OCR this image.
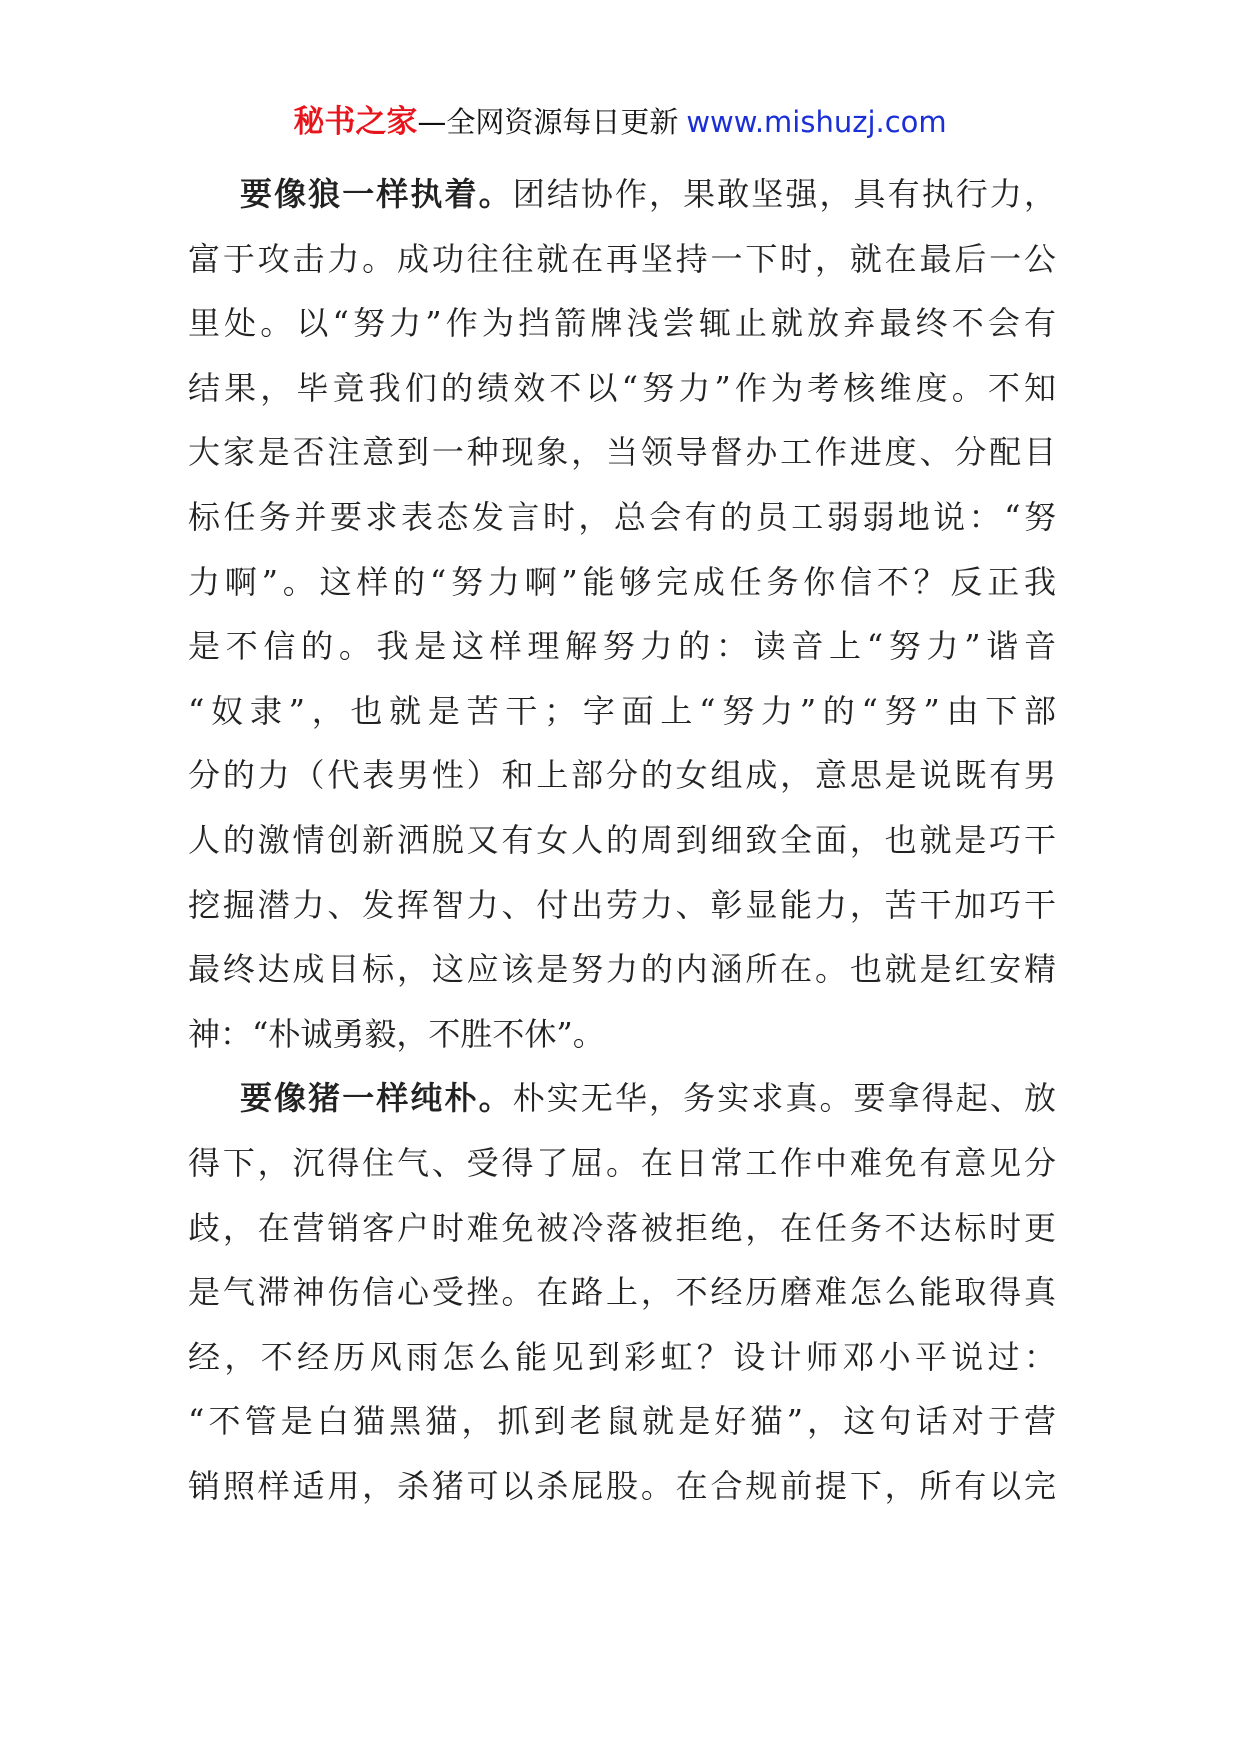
秘书之家—全网资源每日更新 www.mishuzj.com
要像狼一样执着。团结协作，果敢坚强，具有执行力，
富于攻击力。成功往往就在再坚持一下时，就在最后一公
里处。以“努力”作为挡箭牌浅尝辄止就放弃最终不会有
结果，毕竟我们的绩效不以“努力”作为考核维度。不知
大家是否注意到一种现象，当领导督办工作进度、分配目
标任务并要求表态发言时，总会有的员工弱弱地说：“努
力啊”。这样的“努力啊”能够完成任务你信不？反正我
是不信的。我是这样理解努力的：读音上“努力”谐音
“奴隶”，也就是苦干；字面上“努力”的“努”由下部
分的力（代表男性）和上部分的女组成，意思是说既有男
人的激情创新洒脱又有女人的周到细致全面，也就是巧干
挖掘潜力、发挥智力、付出劳力、彰显能力，苦干加巧干
最终达成目标，这应该是努力的内涵所在。也就是红安精
神：“朴诚勇毅，不胜不休”。
要像猪一样纯朴。朴实无华，务实求真。要拿得起、放
得下，沉得住气、受得了屈。在日常工作中难免有意见分
歧，在营销客户时难免被冷落被拒绝，在任务不达标时更
是气滞神伤信心受挫。在路上，不经历磨难怎么能取得真
经，不经历风雨怎么能见到彩虹？设计师邓小平说过：
“不管是白猫黑猫，抓到老鼠就是好猫”，这句话对于营
销照样适用，杀猪可以杀屁股。在合规前提下，所有以完
